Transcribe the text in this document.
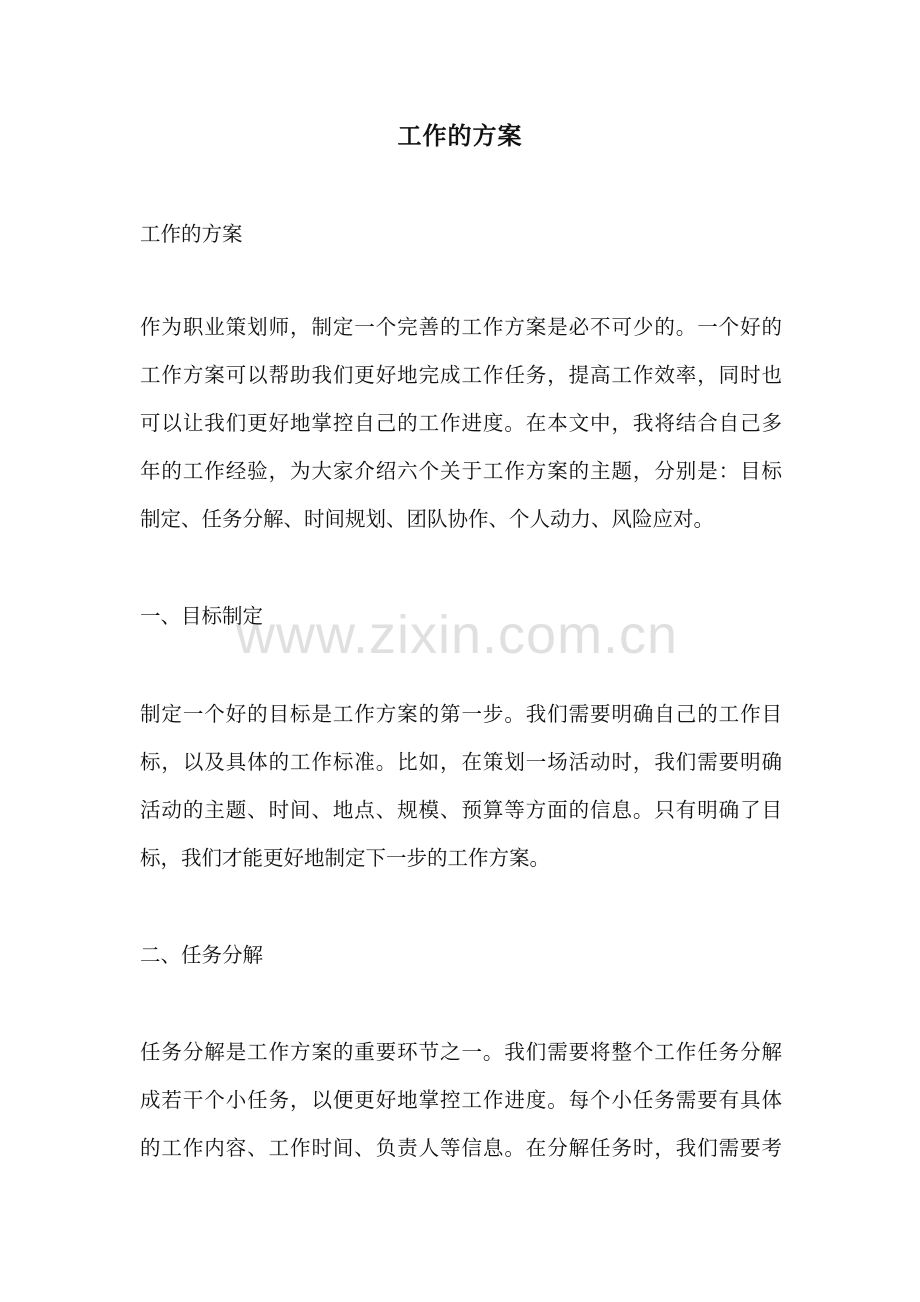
工作的方案
工作的方案
作为职业策划师，制定一个完善的工作方案是必不可少的。一个好的
工作方案可以帮助我们更好地完成工作任务，提高工作效率，同时也
可以让我们更好地掌控自己的工作进度。在本文中，我将结合自己多
年的工作经验，为大家介绍六个关于工作方案的主题，分别是：目标
制定、任务分解、时间规划、团队协作、个人动力、风险应对。
一、目标制定
制定一个好的目标是工作方案的第一步。我们需要明确自己的工作目
标，以及具体的工作标准。比如，在策划一场活动时，我们需要明确
活动的主题、时间、地点、规模、预算等方面的信息。只有明确了目
标，我们才能更好地制定下一步的工作方案。
二、任务分解
任务分解是工作方案的重要环节之一。我们需要将整个工作任务分解
成若干个小任务，以便更好地掌控工作进度。每个小任务需要有具体
的工作内容、工作时间、负责人等信息。在分解任务时，我们需要考
www.zixin.com.cn
